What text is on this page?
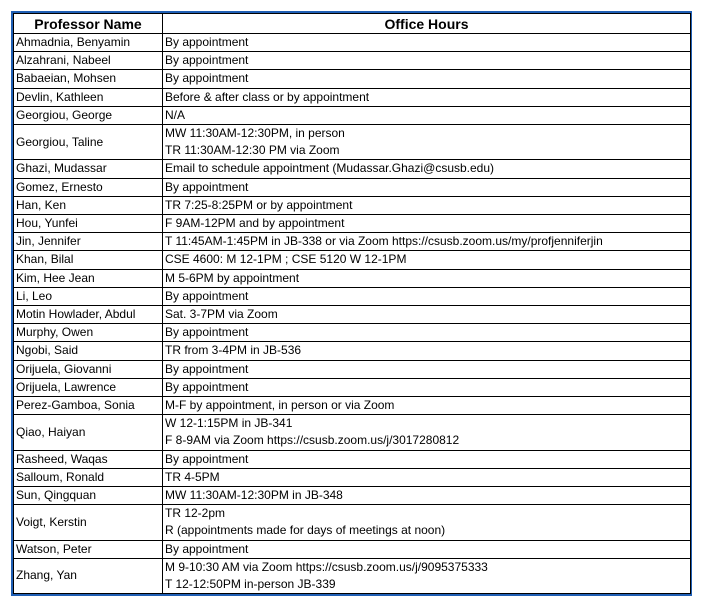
Professor Name	Office Hours
Ahmadnia, Benyamin	By appointment

Alzahrani, Nabeel	By appointment

Babaeian, Mohsen	By appointment

Devlin, Kathleen	Before & after class or by appointment

Georgiou, George	N/A

Georgiou, Taline	MW 11:30AM-12:30PM, in person
TR 11:30AM-12:30 PM via Zoom

Ghazi, Mudassar	Email to schedule appointment (Mudassar.Ghazi@csusb.edu)

Gomez, Ernesto	By appointment

Han, Ken	TR 7:25-8:25PM or by appointment

Hou, Yunfei	F 9AM-12PM and by appointment

Jin, Jennifer	T 11:45AM-1:45PM in JB-338 or via Zoom https://csusb.zoom.us/my/profjenniferjin

Khan, Bilal	CSE 4600: M 12-1PM ; CSE 5120 W 12-1PM

Kim, Hee Jean	M 5-6PM by appointment

Li, Leo	By appointment

Motin Howlader, Abdul	Sat. 3-7PM via Zoom

Murphy, Owen	By appointment

Ngobi, Said	TR from 3-4PM in JB-536

Orijuela, Giovanni	By appointment

Orijuela, Lawrence	By appointment

Perez-Gamboa, Sonia	M-F by appointment, in person or via Zoom

Qiao, Haiyan	W 12-1:15PM in JB-341
F 8-9AM via Zoom https://csusb.zoom.us/j/3017280812

Rasheed, Waqas	By appointment

Salloum, Ronald	TR 4-5PM

Sun, Qingquan	MW 11:30AM-12:30PM in JB-348

Voigt, Kerstin	TR 12-2pm
R (appointments made for days of meetings at noon)

Watson, Peter	By appointment

Zhang, Yan	M 9-10:30 AM via Zoom https://csusb.zoom.us/j/9095375333
T 12-12:50PM in-person JB-339
